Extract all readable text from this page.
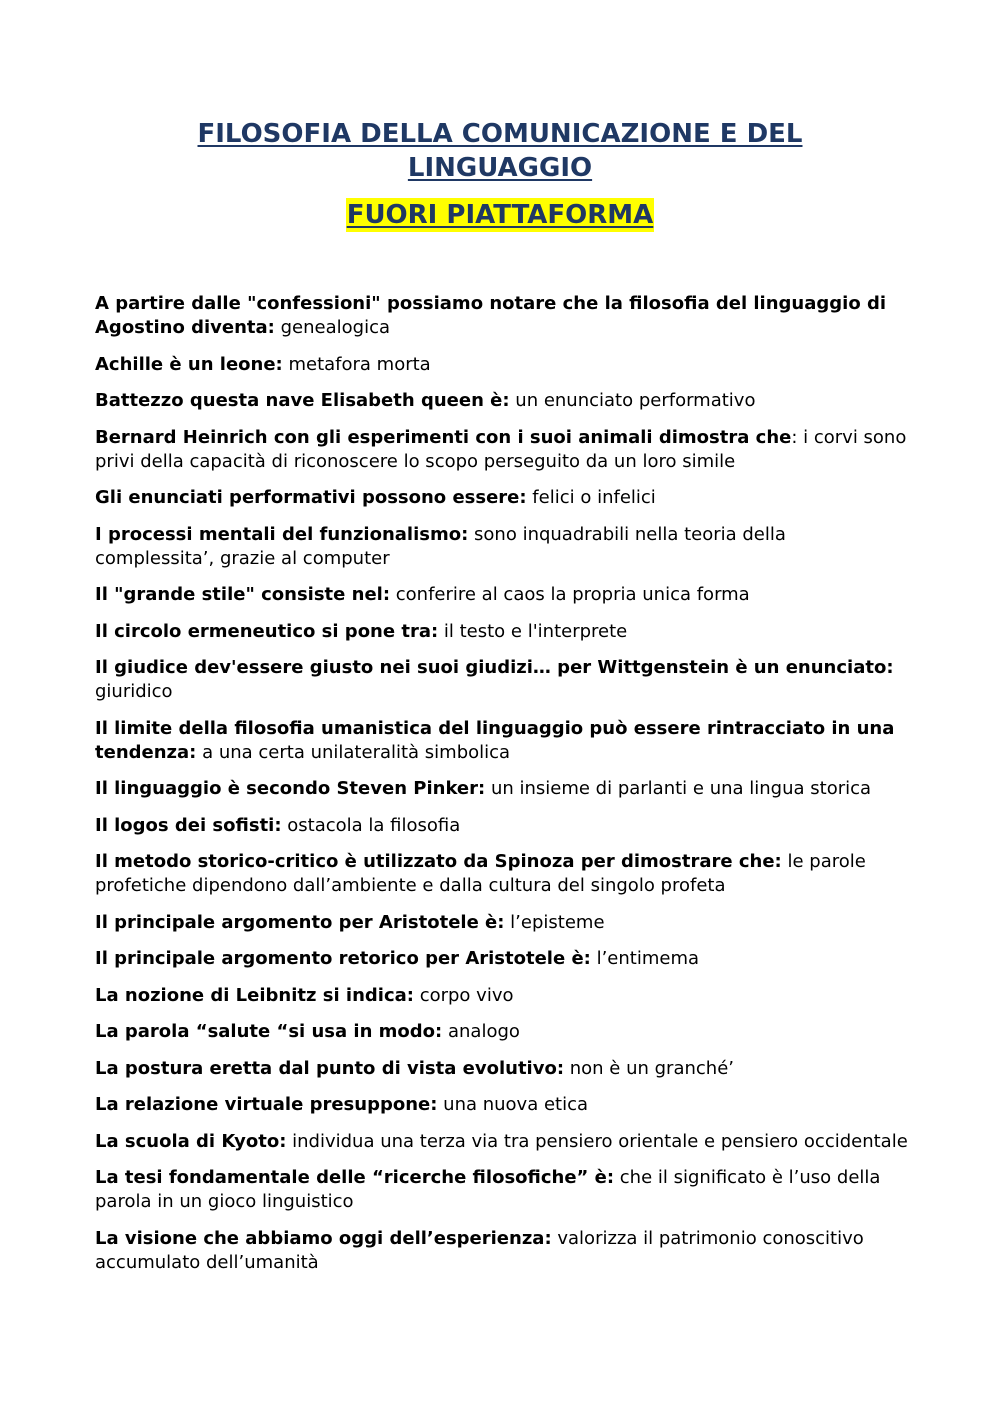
FILOSOFIA DELLA COMUNICAZIONE E DEL LINGUAGGIO
FUORI PIATTAFORMA
A partire dalle "confessioni" possiamo notare che la filosofia del linguaggio di Agostino diventa: genealogica
Achille è un leone: metafora morta
Battezzo questa nave Elisabeth queen è: un enunciato performativo
Bernard Heinrich con gli esperimenti con i suoi animali dimostra che: i corvi sono privi della capacità di riconoscere lo scopo perseguito da un loro simile
Gli enunciati performativi possono essere: felici o infelici
I processi mentali del funzionalismo: sono inquadrabili nella teoria della complessita’, grazie al computer
Il "grande stile" consiste nel: conferire al caos la propria unica forma
Il circolo ermeneutico si pone tra: il testo e l'interprete
Il giudice dev'essere giusto nei suoi giudizi… per Wittgenstein è un enunciato: giuridico
Il limite della filosofia umanistica del linguaggio può essere rintracciato in una tendenza: a una certa unilateralità simbolica
Il linguaggio è secondo Steven Pinker: un insieme di parlanti e una lingua storica
Il logos dei sofisti: ostacola la filosofia
Il metodo storico-critico è utilizzato da Spinoza per dimostrare che: le parole profetiche dipendono dall’ambiente e dalla cultura del singolo profeta
Il principale argomento per Aristotele è: l’episteme
Il principale argomento retorico per Aristotele è: l’entimema
La nozione di Leibnitz si indica: corpo vivo
La parola “salute “si usa in modo: analogo
La postura eretta dal punto di vista evolutivo: non è un granché’
La relazione virtuale presuppone: una nuova etica
La scuola di Kyoto: individua una terza via tra pensiero orientale e pensiero occidentale
La tesi fondamentale delle “ricerche filosofiche” è: che il significato è l’uso della parola in un gioco linguistico
La visione che abbiamo oggi dell’esperienza: valorizza il patrimonio conoscitivo accumulato dell’umanità
